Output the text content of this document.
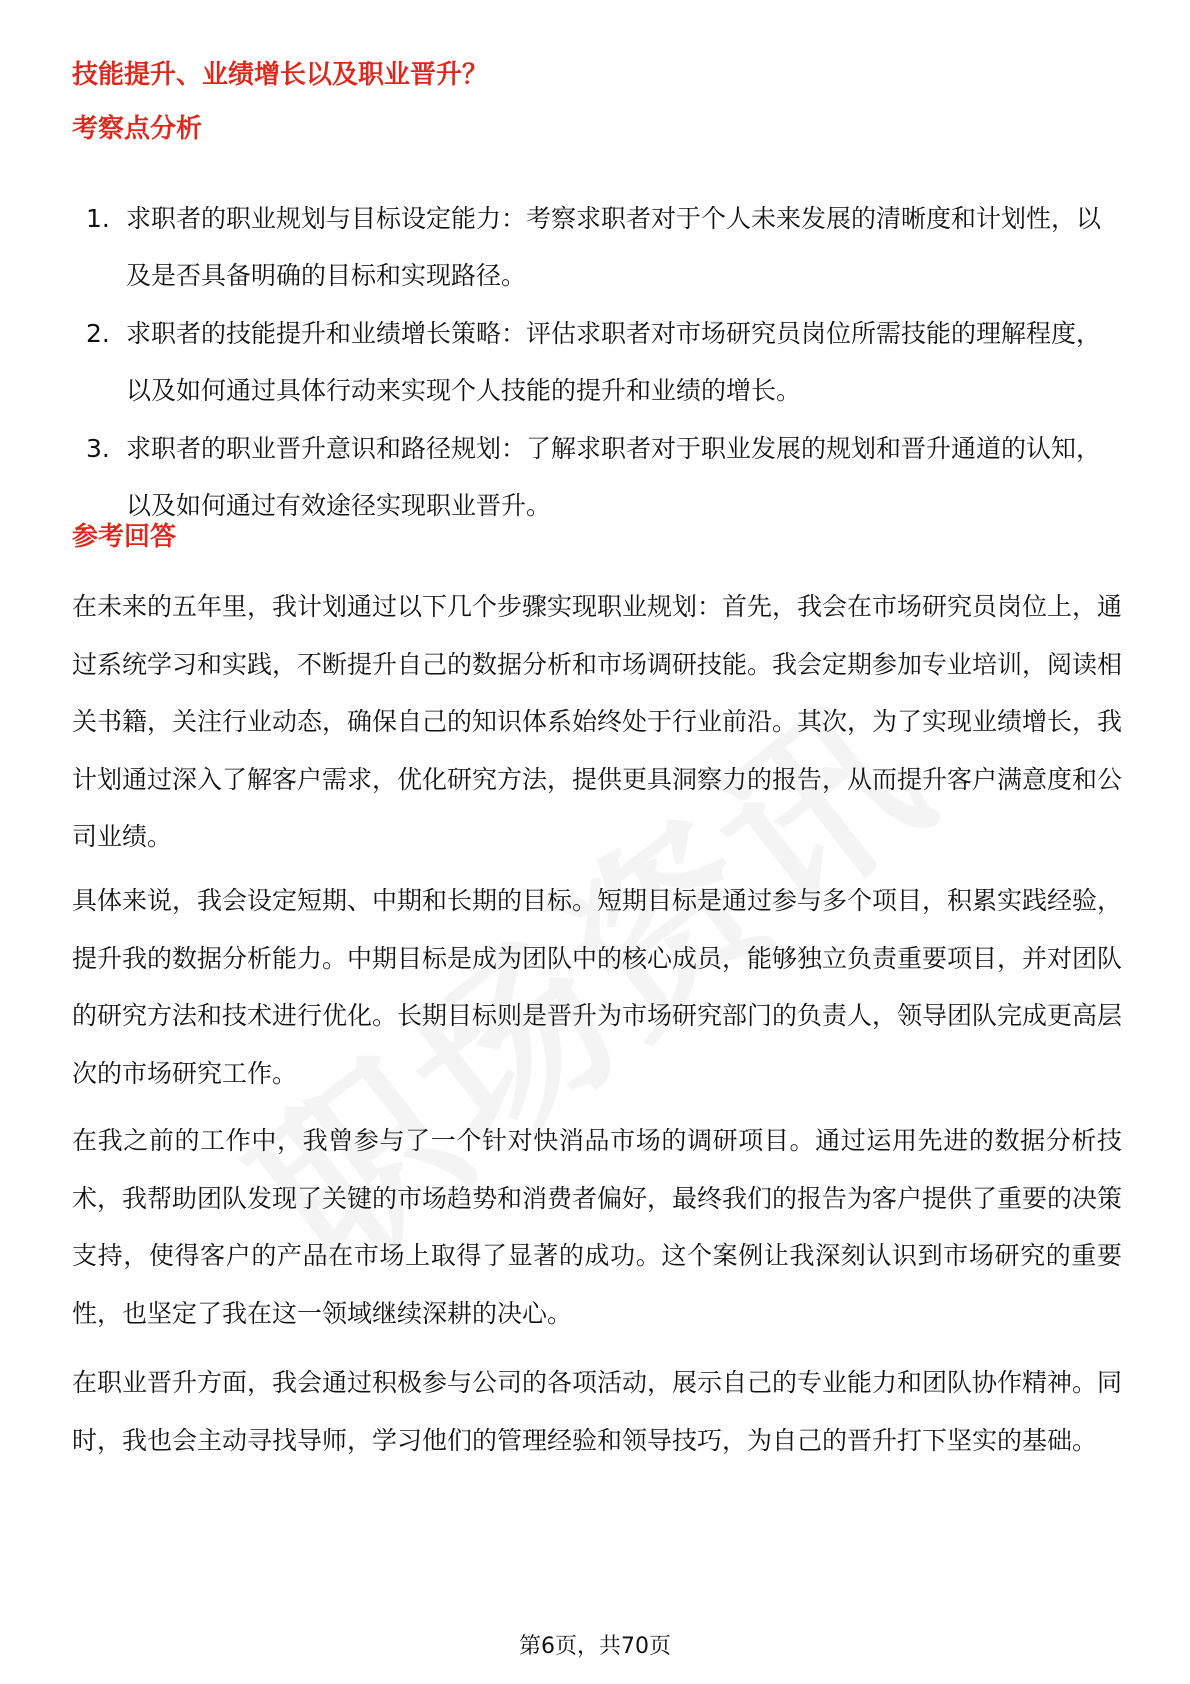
技能提升、业绩增长以及职业晋升？
考察点分析
1. 求职者的职业规划与目标设定能力：考察求职者对于个人未来发展的清晰度和计划性，以及是否具备明确的目标和实现路径。
2. 求职者的技能提升和业绩增长策略：评估求职者对市场研究员岗位所需技能的理解程度，以及如何通过具体行动来实现个人技能的提升和业绩的增长。
3. 求职者的职业晋升意识和路径规划：了解求职者对于职业发展的规划和晋升通道的认知，以及如何通过有效途径实现职业晋升。
参考回答

在未来的五年里，我计划通过以下几个步骤实现职业规划：首先，我会在市场研究员岗位上，通过系统学习和实践，不断提升自己的数据分析和市场调研技能。我会定期参加专业培训，阅读相关书籍，关注行业动态，确保自己的知识体系始终处于行业前沿。其次，为了实现业绩增长，我计划通过深入了解客户需求，优化研究方法，提供更具洞察力的报告，从而提升客户满意度和公司业绩。

具体来说，我会设定短期、中期和长期的目标。短期目标是通过参与多个项目，积累实践经验，提升我的数据分析能力。中期目标是成为团队中的核心成员，能够独立负责重要项目，并对团队的研究方法和技术进行优化。长期目标则是晋升为市场研究部门的负责人，领导团队完成更高层次的市场研究工作。

在我之前的工作中，我曾参与了一个针对快消品市场的调研项目。通过运用先进的数据分析技术，我帮助团队发现了关键的市场趋势和消费者偏好，最终我们的报告为客户提供了重要的决策支持，使得客户的产品在市场上取得了显著的成功。这个案例让我深刻认识到市场研究的重要性，也坚定了我在这一领域继续深耕的决心。

在职业晋升方面，我会通过积极参与公司的各项活动，展示自己的专业能力和团队协作精神。同时，我也会主动寻找导师，学习他们的管理经验和领导技巧，为自己的晋升打下坚实的基础。

第6页，共70页
